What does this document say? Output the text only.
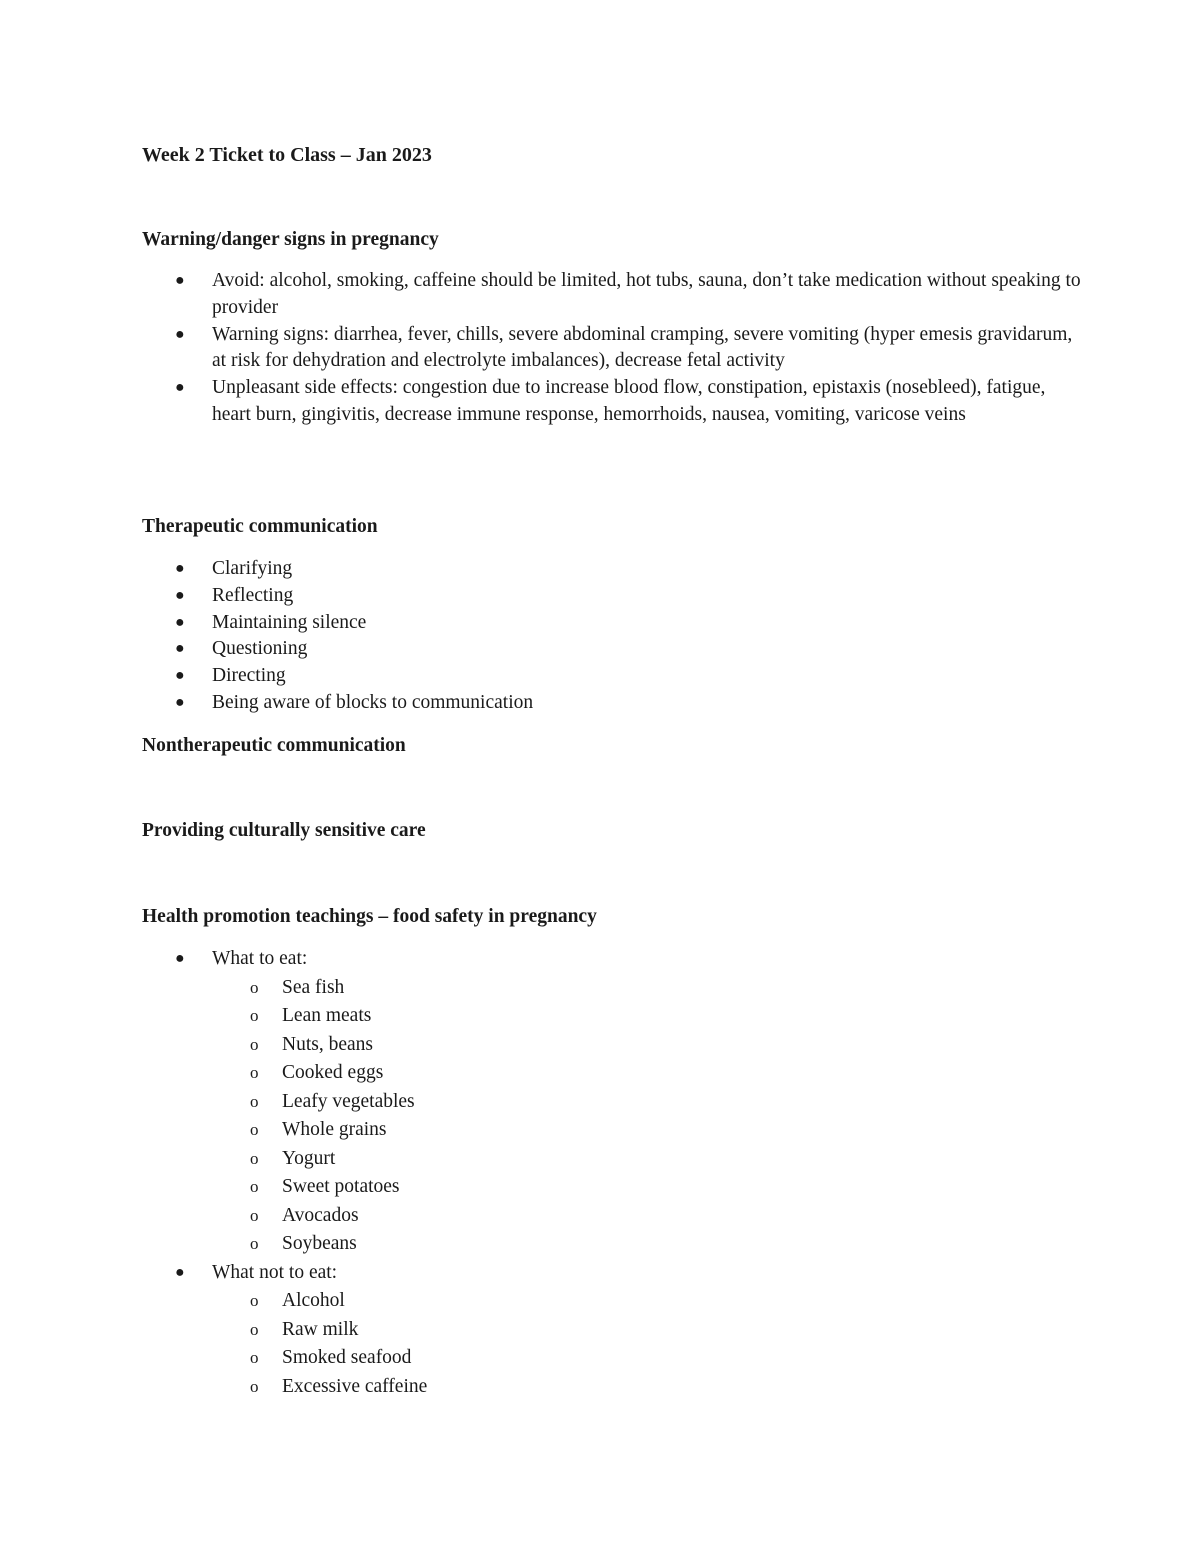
Week 2 Ticket to Class – Jan 2023
Warning/danger signs in pregnancy
● Avoid: alcohol, smoking, caffeine should be limited, hot tubs, sauna, don’t take medication without speaking to provider
● Warning signs: diarrhea, fever, chills, severe abdominal cramping, severe vomiting (hyper emesis gravidarum, at risk for dehydration and electrolyte imbalances), decrease fetal activity
● Unpleasant side effects: congestion due to increase blood flow, constipation, epistaxis (nosebleed), fatigue, heart burn, gingivitis, decrease immune response, hemorrhoids, nausea, vomiting, varicose veins
Therapeutic communication
● Clarifying
● Reflecting
● Maintaining silence
● Questioning
● Directing
● Being aware of blocks to communication
Nontherapeutic communication
Providing culturally sensitive care
Health promotion teachings – food safety in pregnancy
● What to eat:
o Sea fish
o Lean meats
o Nuts, beans
o Cooked eggs
o Leafy vegetables
o Whole grains
o Yogurt
o Sweet potatoes
o Avocados
o Soybeans
● What not to eat:
o Alcohol
o Raw milk
o Smoked seafood
o Excessive caffeine
